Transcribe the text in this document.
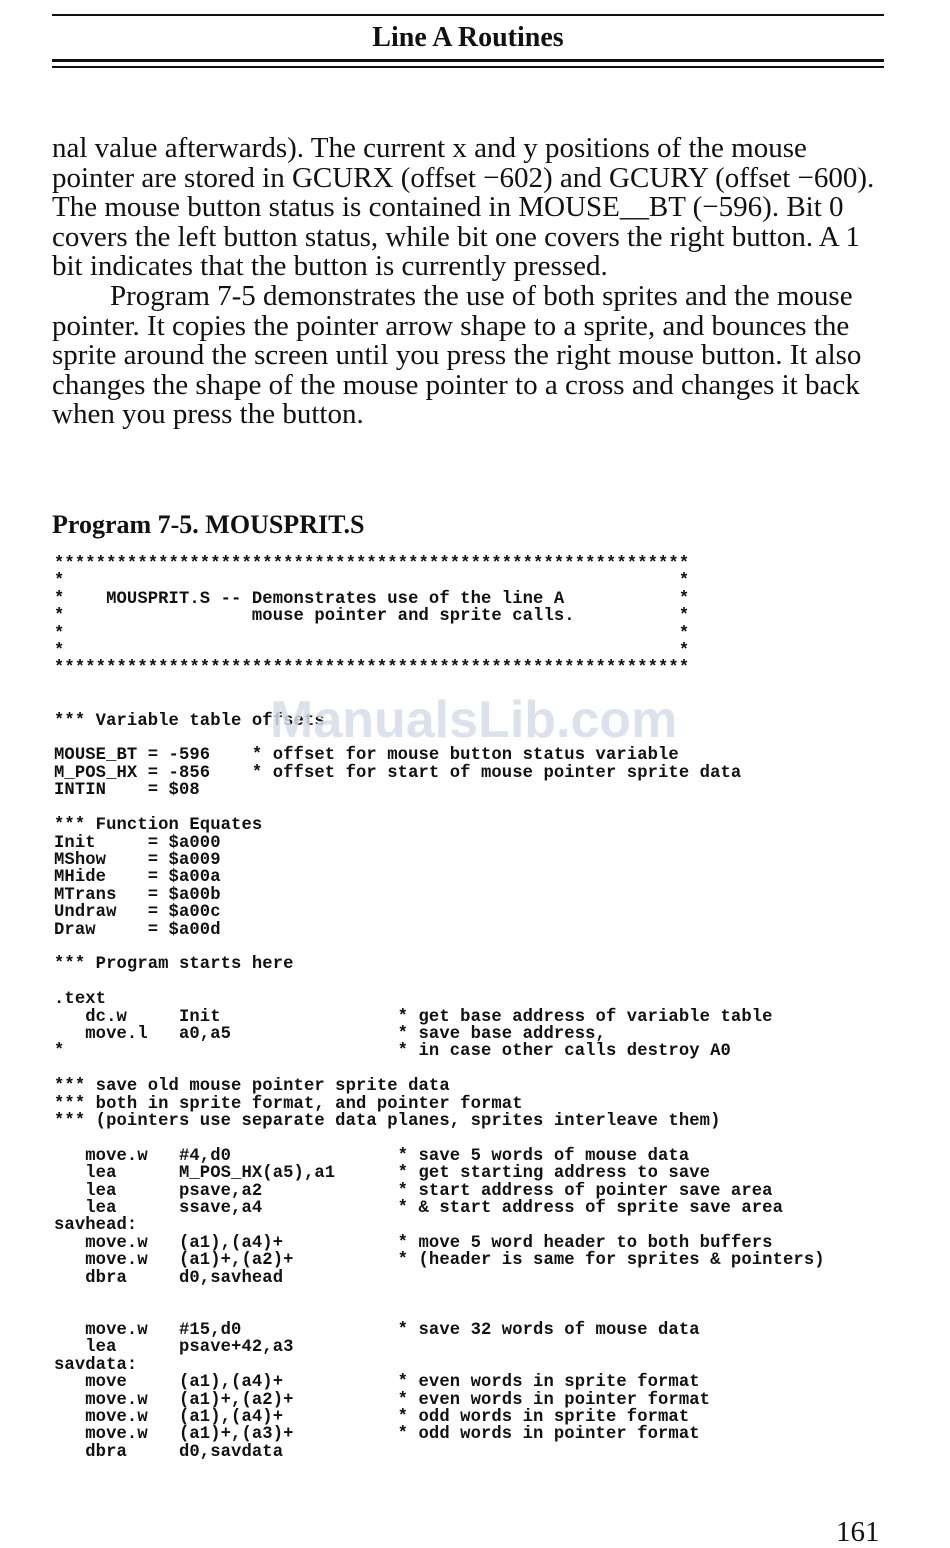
Line A Routines

nal value afterwards). The current x and y positions of the mouse pointer are stored in GCURX (offset −602) and GCURY (offset −600). The mouse button status is contained in MOUSE__BT (−596). Bit 0 covers the left button status, while bit one covers the right button. A 1 bit indicates that the button is currently pressed.

Program 7-5 demonstrates the use of both sprites and the mouse pointer. It copies the pointer arrow shape to a sprite, and bounces the sprite around the screen until you press the right mouse button. It also changes the shape of the mouse pointer to a cross and changes it back when you press the button.

Program 7-5. MOUSPRIT.S
*************************************************************
*                                                           *
*    MOUSPRIT.S -- Demonstrates use of the line A           *
*                  mouse pointer and sprite calls.          *
*                                                           *
*                                                           *
*************************************************************

*** Variable table offsets

MOUSE_BT = -596    * offset for mouse button status variable
M_POS_HX = -856    * offset for start of mouse pointer sprite data
INTIN    = $08

*** Function Equates
Init     = $a000
MShow    = $a009
MHide    = $a00a
MTrans   = $a00b
Undraw   = $a00c
Draw     = $a00d

*** Program starts here

.text
dc.w     Init                 * get base address of variable table
move.l   a0,a5                * save base address,
*                                * in case other calls destroy A0

*** save old mouse pointer sprite data
*** both in sprite format, and pointer format
*** (pointers use separate data planes, sprites interleave them)

move.w   #4,d0                * save 5 words of mouse data
lea      M_POS_HX(a5),a1      * get starting address to save
lea      psave,a2             * start address of pointer save area
lea      ssave,a4             * & start address of sprite save area
savhead:
move.w   (a1),(a4)+           * move 5 word header to both buffers
move.w   (a1)+,(a2)+          * (header is same for sprites & pointers)
dbra     d0,savhead

move.w   #15,d0               * save 32 words of mouse data
lea      psave+42,a3
savdata:
move     (a1),(a4)+           * even words in sprite format
move.w   (a1)+,(a2)+          * even words in pointer format
move.w   (a1),(a4)+           * odd words in sprite format
move.w   (a1)+,(a3)+          * odd words in pointer format
dbra     d0,savdata
ManualsLib.com
161
